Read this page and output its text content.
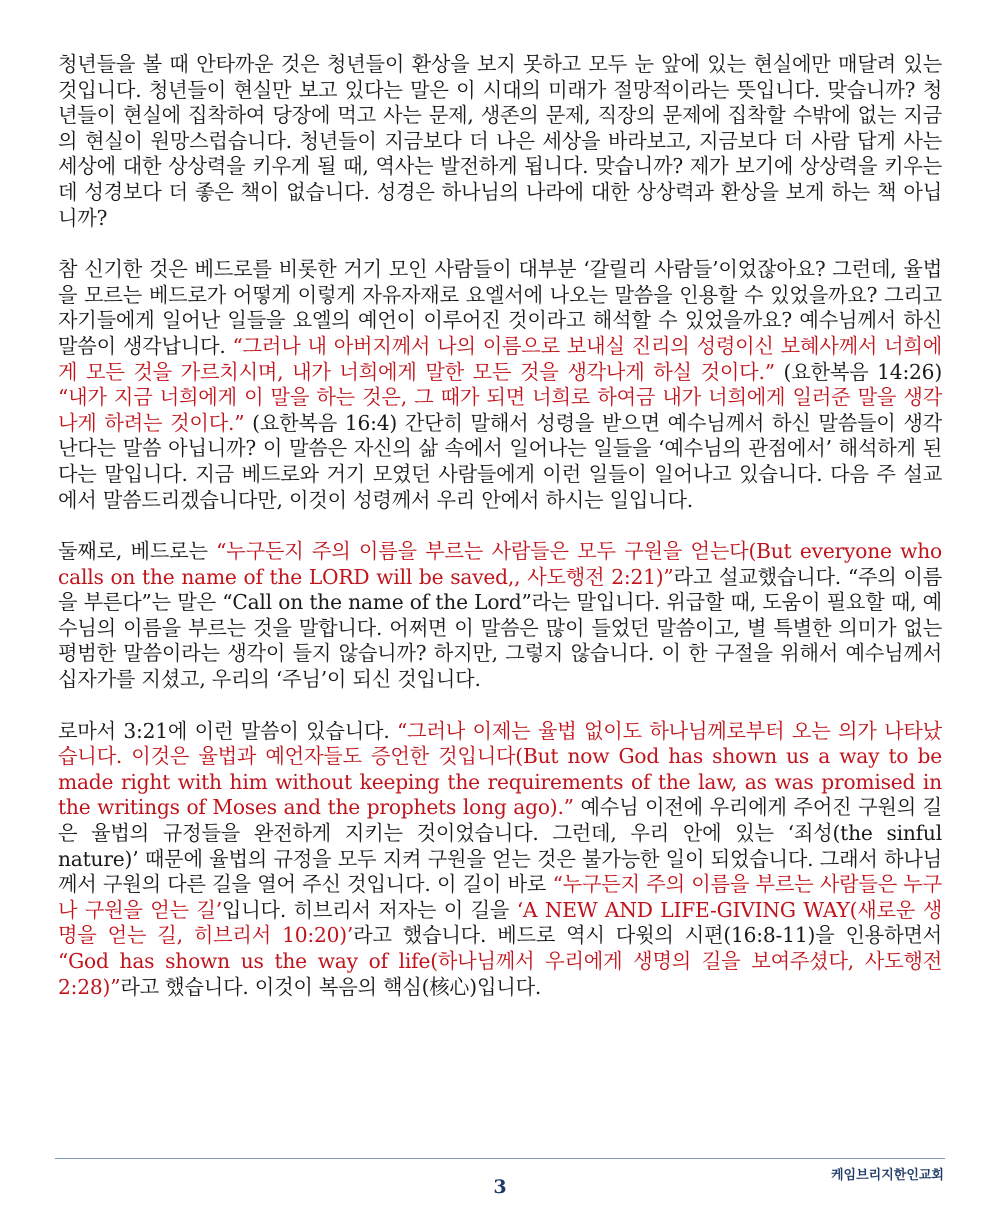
청년들을 볼 때 안타까운 것은 청년들이 환상을 보지 못하고 모두 눈 앞에 있는 현실에만 매달려 있는 것입니다. 청년들이 현실만 보고 있다는 말은 이 시대의 미래가 절망적이라는 뜻입니다. 맞습니까? 청년들이 현실에 집착하여 당장에 먹고 사는 문제, 생존의 문제, 직장의 문제에 집착할 수밖에 없는 지금의 현실이 원망스럽습니다. 청년들이 지금보다 더 나은 세상을 바라보고, 지금보다 더 사람 답게 사는 세상에 대한 상상력을 키우게 될 때, 역사는 발전하게 됩니다. 맞습니까? 제가 보기에 상상력을 키우는데 성경보다 더 좋은 책이 없습니다. 성경은 하나님의 나라에 대한 상상력과 환상을 보게 하는 책 아닙니까?

참 신기한 것은 베드로를 비롯한 거기 모인 사람들이 대부분 ‘갈릴리 사람들’이었잖아요? 그런데, 율법을 모르는 베드로가 어떻게 이렇게 자유자재로 요엘서에 나오는 말씀을 인용할 수 있었을까요? 그리고 자기들에게 일어난 일들을 요엘의 예언이 이루어진 것이라고 해석할 수 있었을까요? 예수님께서 하신 말씀이 생각납니다. “그러나 내 아버지께서 나의 이름으로 보내실 진리의 성령이신 보혜사께서 너희에게 모든 것을 가르치시며, 내가 너희에게 말한 모든 것을 생각나게 하실 것이다.” (요한복음 14:26) “내가 지금 너희에게 이 말을 하는 것은, 그 때가 되면 너희로 하여금 내가 너희에게 일러준 말을 생각나게 하려는 것이다.” (요한복음 16:4) 간단히 말해서 성령을 받으면 예수님께서 하신 말씀들이 생각난다는 말씀 아닙니까? 이 말씀은 자신의 삶 속에서 일어나는 일들을 ‘예수님의 관점에서’ 해석하게 된다는 말입니다. 지금 베드로와 거기 모였던 사람들에게 이런 일들이 일어나고 있습니다. 다음 주 설교에서 말씀드리겠습니다만, 이것이 성령께서 우리 안에서 하시는 일입니다.

둘째로, 베드로는 “누구든지 주의 이름을 부르는 사람들은 모두 구원을 얻는다(But everyone who calls on the name of the LORD will be saved,, 사도행전 2:21)”라고 설교했습니다. “주의 이름을 부른다”는 말은 “Call on the name of the Lord”라는 말입니다. 위급할 때, 도움이 필요할 때, 예수님의 이름을 부르는 것을 말합니다. 어쩌면 이 말씀은 많이 들었던 말씀이고, 별 특별한 의미가 없는 평범한 말씀이라는 생각이 들지 않습니까? 하지만, 그렇지 않습니다. 이 한 구절을 위해서 예수님께서 십자가를 지셨고, 우리의 ‘주님’이 되신 것입니다.

로마서 3:21에 이런 말씀이 있습니다. “그러나 이제는 율법 없이도 하나님께로부터 오는 의가 나타났습니다. 이것은 율법과 예언자들도 증언한 것입니다(But now God has shown us a way to be made right with him without keeping the requirements of the law, as was promised in the writings of Moses and the prophets long ago).” 예수님 이전에 우리에게 주어진 구원의 길은 율법의 규정들을 완전하게 지키는 것이었습니다. 그런데, 우리 안에 있는 ‘죄성(the sinful nature)’ 때문에 율법의 규정을 모두 지켜 구원을 얻는 것은 불가능한 일이 되었습니다. 그래서 하나님께서 구원의 다른 길을 열어 주신 것입니다. 이 길이 바로 “누구든지 주의 이름을 부르는 사람들은 누구나 구원을 얻는 길’입니다. 히브리서 저자는 이 길을 ‘A NEW AND LIFE-GIVING WAY(새로운 생명을 얻는 길, 히브리서 10:20)’라고 했습니다. 베드로 역시 다윗의 시편(16:8-11)을 인용하면서 “God has shown us the way of life(하나님께서 우리에게 생명의 길을 보여주셨다, 사도행전 2:28)”라고 했습니다. 이것이 복음의 핵심(核心)입니다.

케임브리지한인교회
3
